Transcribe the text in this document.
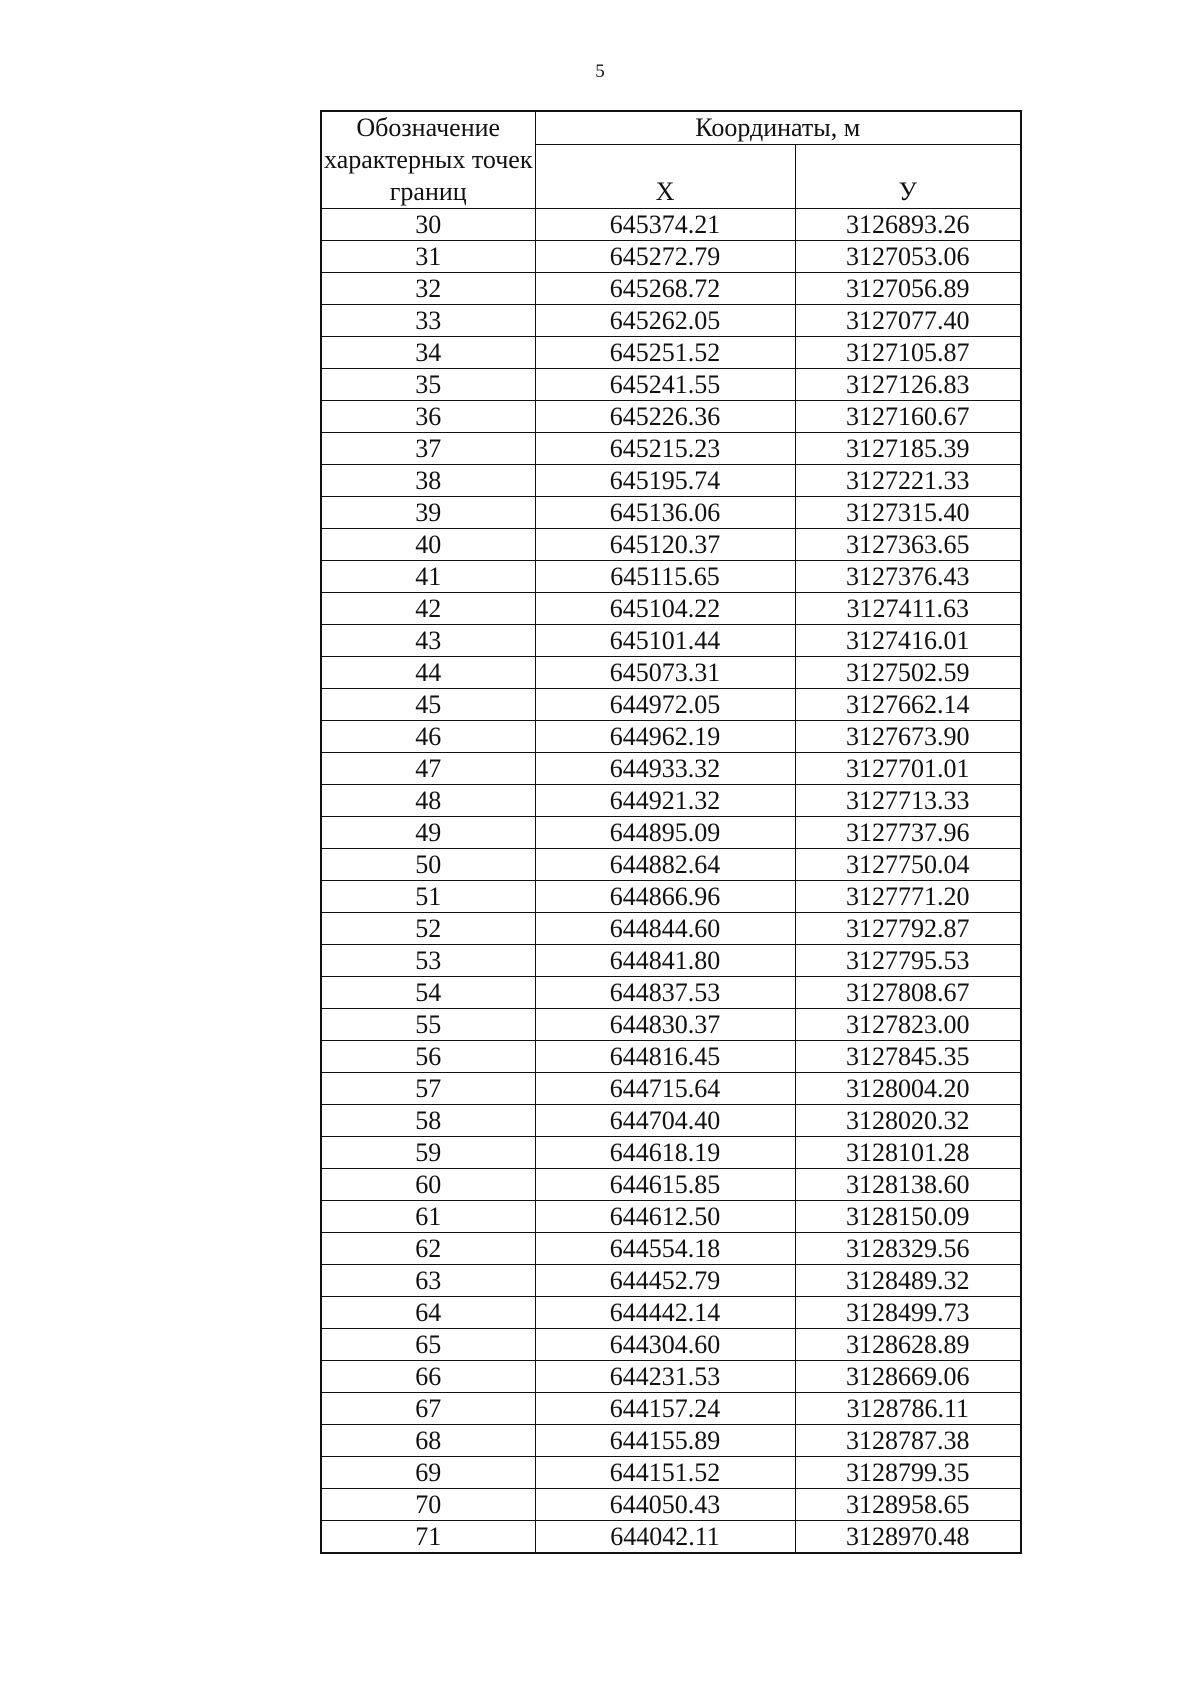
5
Обозначение характерных точек границ	Координаты, м	
	X	У
30	645374.21	3126893.26
31	645272.79	3127053.06
32	645268.72	3127056.89
33	645262.05	3127077.40
34	645251.52	3127105.87
35	645241.55	3127126.83
36	645226.36	3127160.67
37	645215.23	3127185.39
38	645195.74	3127221.33
39	645136.06	3127315.40
40	645120.37	3127363.65
41	645115.65	3127376.43
42	645104.22	3127411.63
43	645101.44	3127416.01
44	645073.31	3127502.59
45	644972.05	3127662.14
46	644962.19	3127673.90
47	644933.32	3127701.01
48	644921.32	3127713.33
49	644895.09	3127737.96
50	644882.64	3127750.04
51	644866.96	3127771.20
52	644844.60	3127792.87
53	644841.80	3127795.53
54	644837.53	3127808.67
55	644830.37	3127823.00
56	644816.45	3127845.35
57	644715.64	3128004.20
58	644704.40	3128020.32
59	644618.19	3128101.28
60	644615.85	3128138.60
61	644612.50	3128150.09
62	644554.18	3128329.56
63	644452.79	3128489.32
64	644442.14	3128499.73
65	644304.60	3128628.89
66	644231.53	3128669.06
67	644157.24	3128786.11
68	644155.89	3128787.38
69	644151.52	3128799.35
70	644050.43	3128958.65
71	644042.11	3128970.48
